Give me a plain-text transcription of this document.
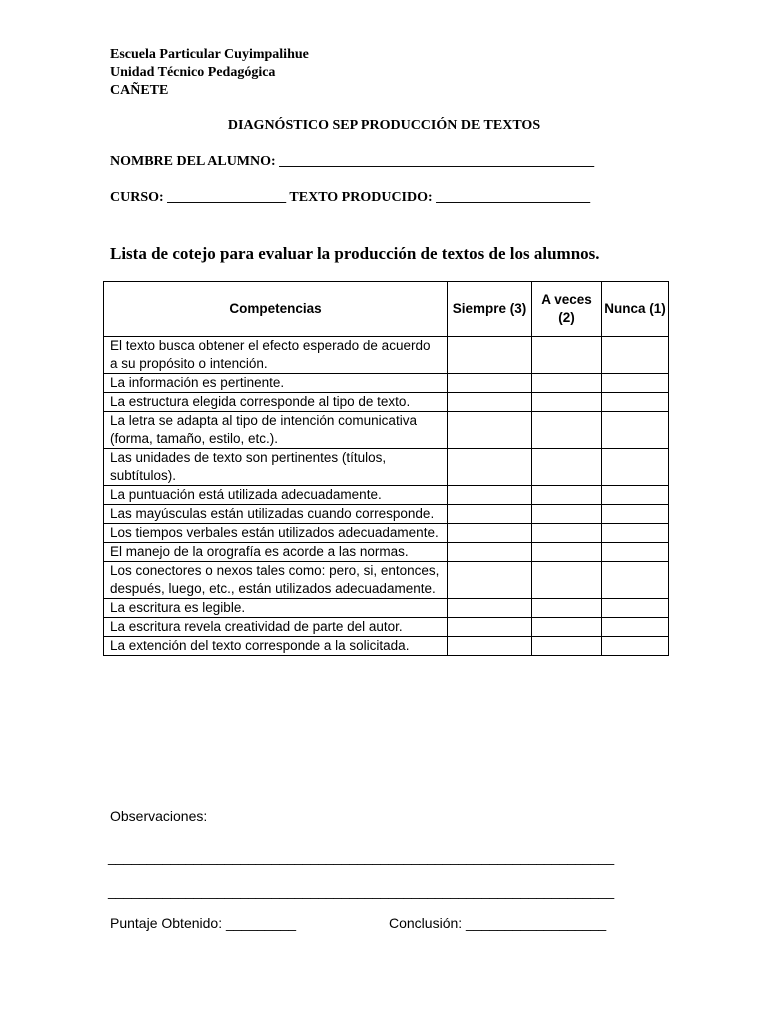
Escuela Particular Cuyimpalihue
Unidad Técnico Pedagógica
CAÑETE
DIAGNÓSTICO SEP PRODUCCIÓN DE TEXTOS
NOMBRE DEL ALUMNO: _____________________________________________
CURSO: _________________ TEXTO PRODUCIDO: ______________________
Lista de cotejo para evaluar la producción de textos de los alumnos.
Competencias	Siempre (3)	A veces (2)	Nunca (1)
El texto busca obtener el efecto esperado de acuerdo a su propósito o intención.			
La información es pertinente.			
La estructura elegida corresponde al tipo de texto.			
La letra se adapta al tipo de intención comunicativa (forma, tamaño, estilo, etc.).			
Las unidades de texto son pertinentes (títulos, subtítulos).			
La puntuación está utilizada adecuadamente.			
Las mayúsculas están utilizadas cuando corresponde.			
Los tiempos verbales están utilizados adecuadamente.			
El manejo de la orografía es acorde a las normas.			
Los conectores o nexos tales como: pero, si, entonces, después, luego, etc., están utilizados adecuadamente.			
La escritura es legible.			
La escritura revela creatividad de parte del autor.			
La extención del texto corresponde a la solicitada.			
Observaciones:
_________________________________________________________________
_________________________________________________________________
Puntaje Obtenido: _________	Conclusión: __________________
